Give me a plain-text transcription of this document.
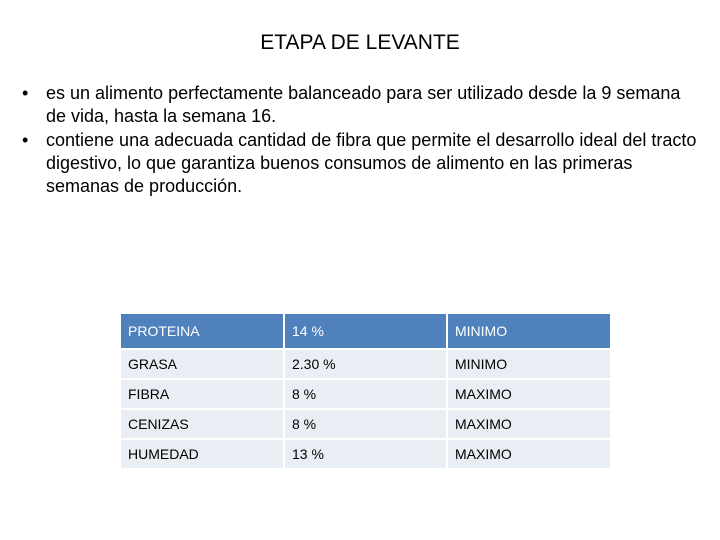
ETAPA DE LEVANTE
• es un alimento perfectamente balanceado para ser utilizado desde la 9 semana de vida, hasta la semana 16.
• contiene una adecuada cantidad de fibra que permite el desarrollo ideal del tracto digestivo, lo que garantiza buenos consumos de alimento en las primeras semanas de producción.
PROTEINA	14 %	MINIMO
GRASA	2.30 %	MINIMO
FIBRA	8 %	MAXIMO
CENIZAS	8 %	MAXIMO
HUMEDAD	13 %	MAXIMO
